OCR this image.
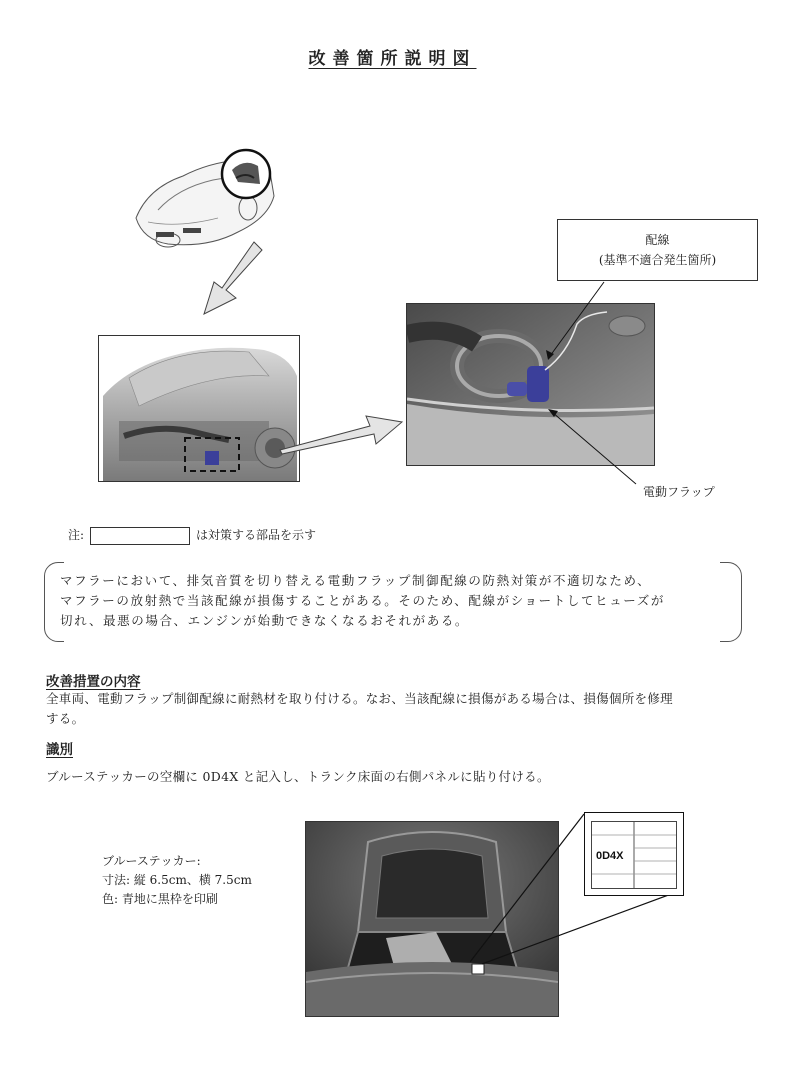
改善箇所説明図
配線
(基準不適合発生箇所)
電動フラップ
注:	は対策する部品を示す
マフラーにおいて、排気音質を切り替える電動フラップ制御配線の防熱対策が不適切なため、
マフラーの放射熱で当該配線が損傷することがある。そのため、配線がショートしてヒューズが
切れ、最悪の場合、エンジンが始動できなくなるおそれがある。
改善措置の内容
全車両、電動フラップ制御配線に耐熱材を取り付ける。なお、当該配線に損傷がある場合は、損傷個所を修理
する。
識別
ブルーステッカーの空欄に 0D4X と記入し、トランク床面の右側パネルに貼り付ける。
ブルーステッカー:
寸法: 縦 6.5cm、横 7.5cm
色: 青地に黒枠を印刷
0D4X
